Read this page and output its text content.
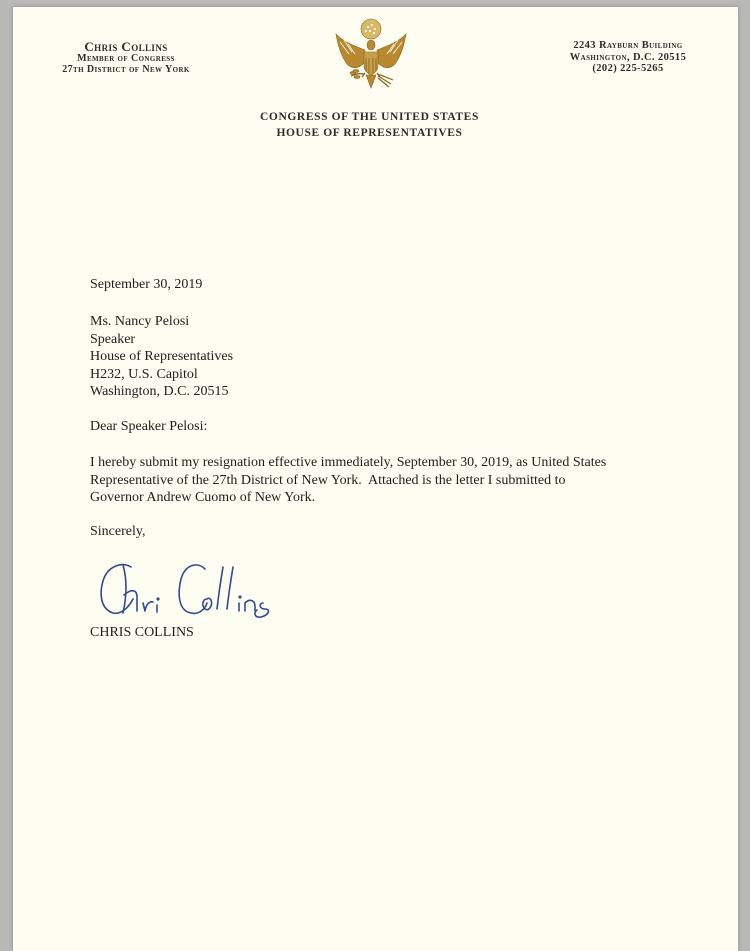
Chris Collins
Member of Congress
27th District of New York
2243 Rayburn Building
Washington, D.C. 20515
(202) 225-5265
CONGRESS OF THE UNITED STATES
HOUSE OF REPRESENTATIVES
September 30, 2019
Ms. Nancy Pelosi
Speaker
House of Representatives
H232, U.S. Capitol
Washington, D.C. 20515
Dear Speaker Pelosi:
I hereby submit my resignation effective immediately, September 30, 2019, as United States
Representative of the 27th District of New York.  Attached is the letter I submitted to
Governor Andrew Cuomo of New York.
Sincerely,
CHRIS COLLINS
